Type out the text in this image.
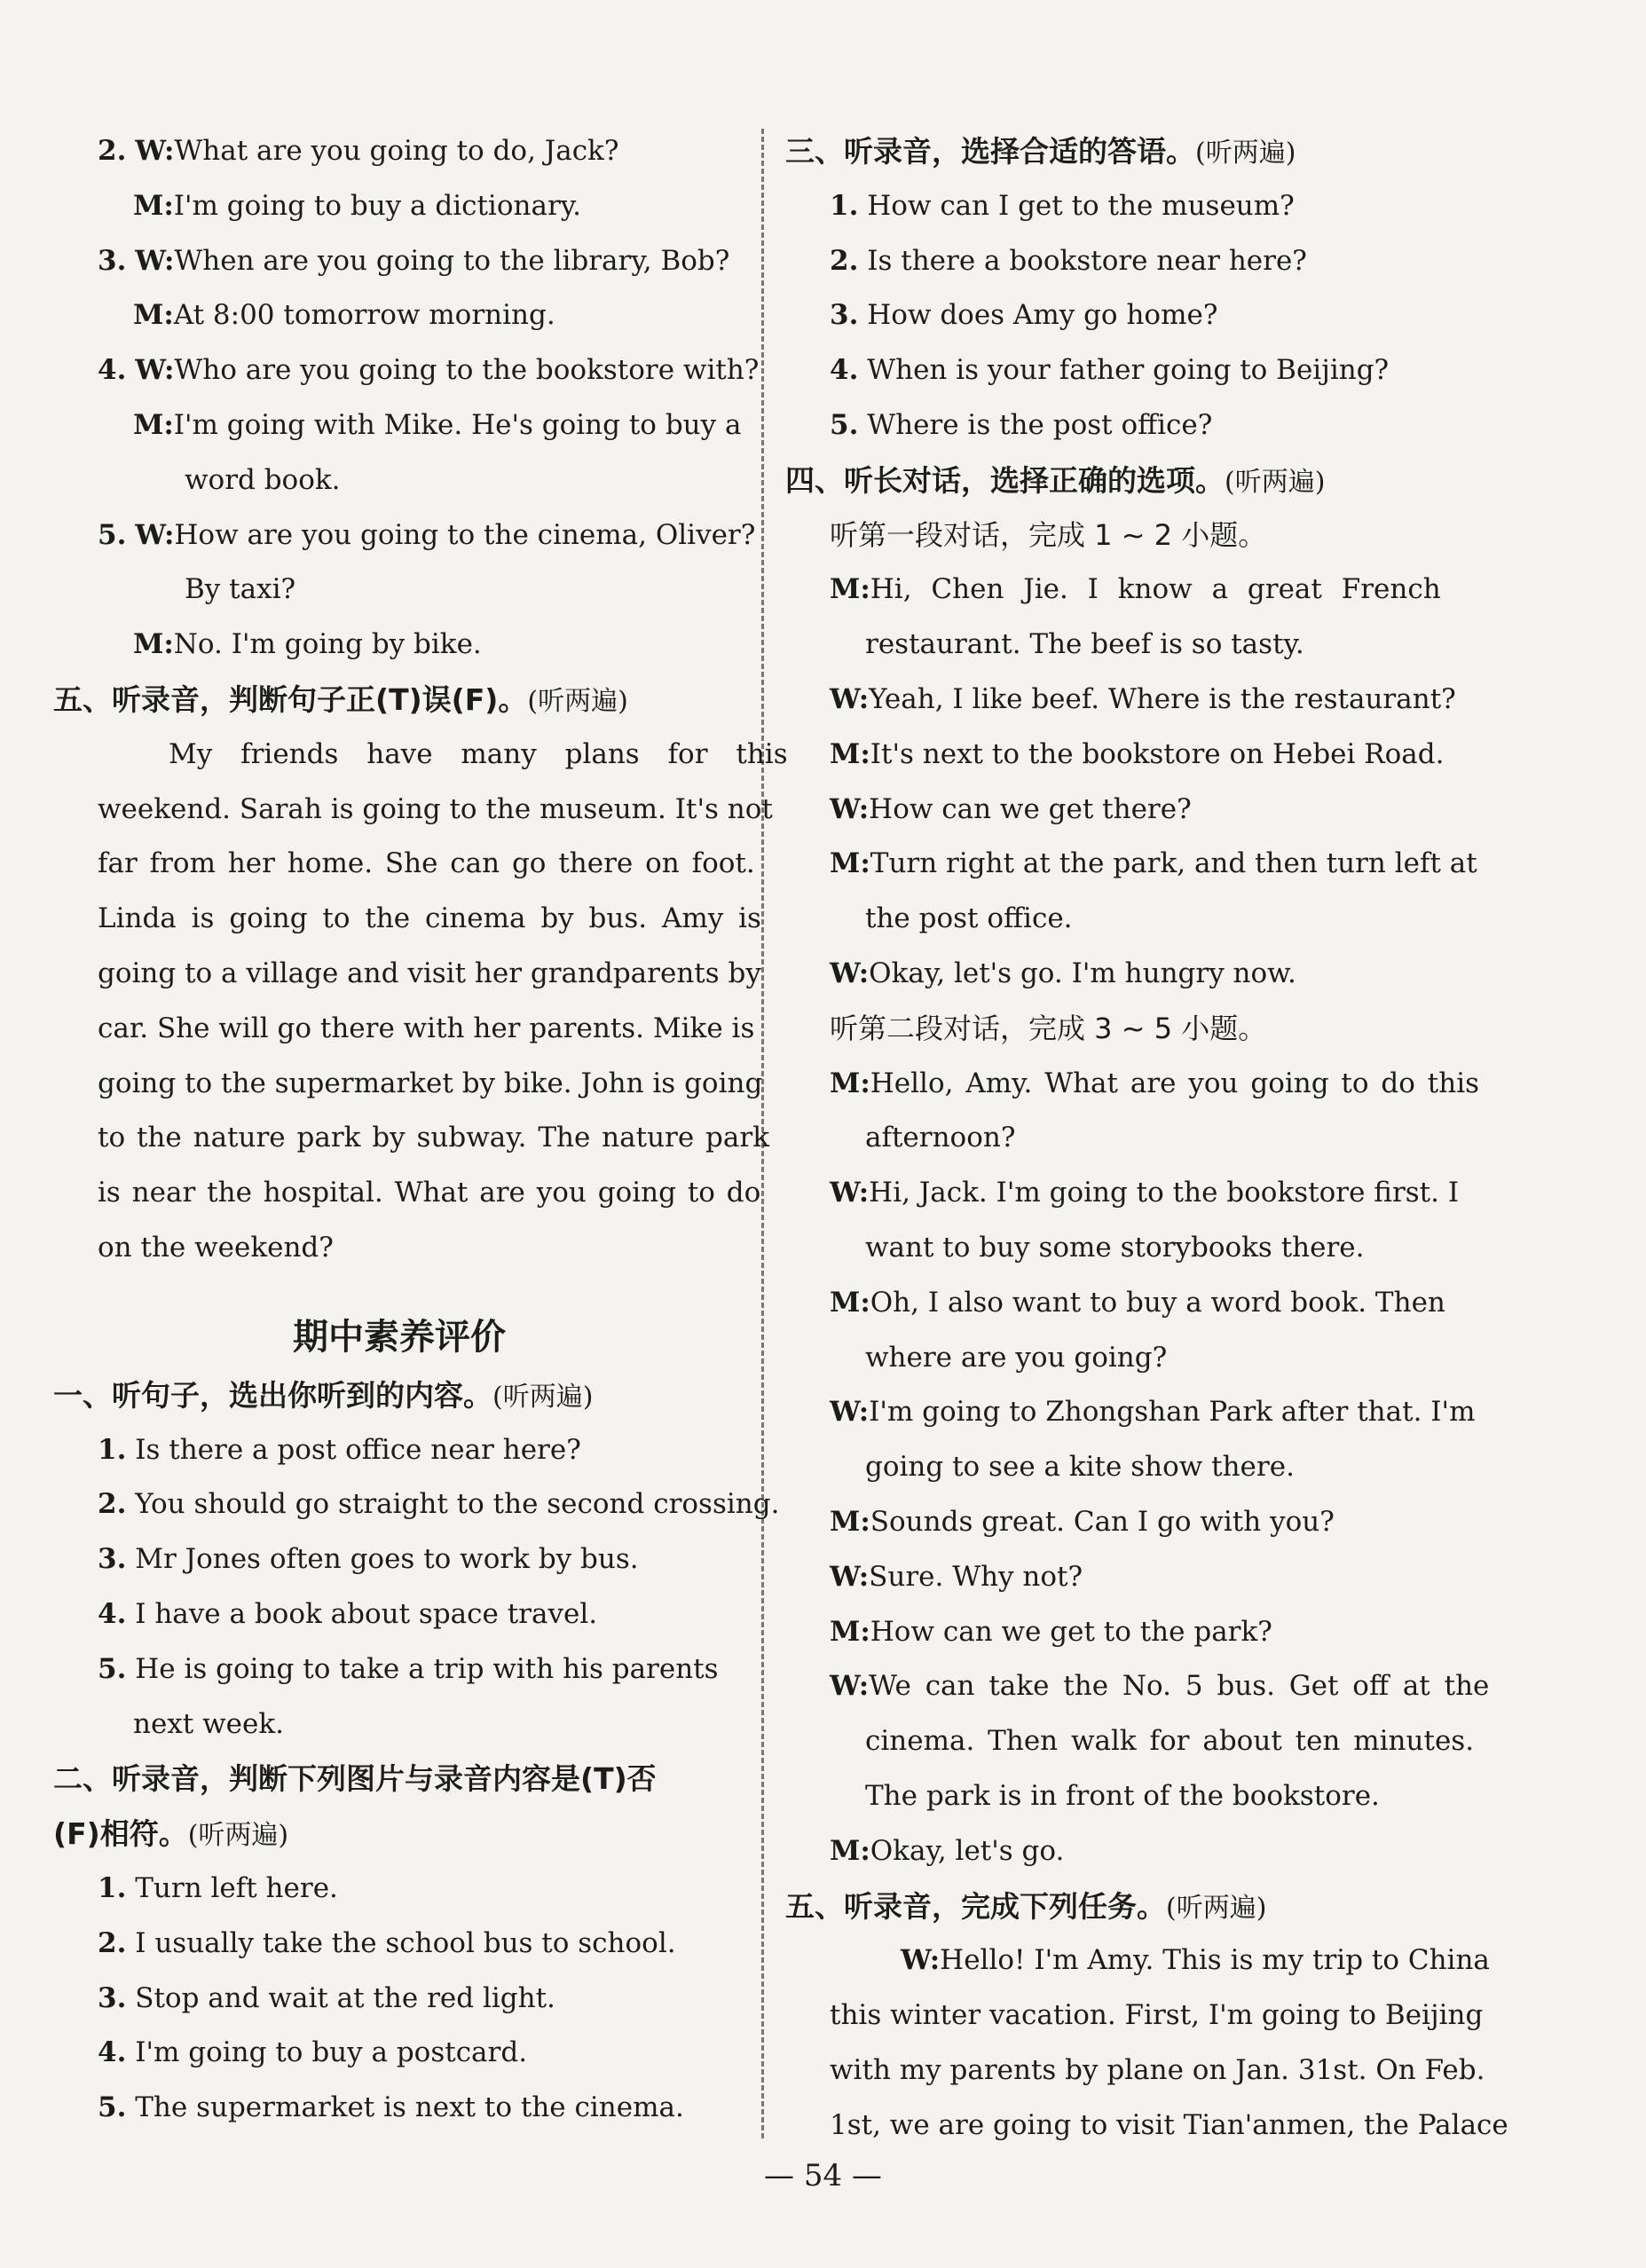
2. W:What are you going to do, Jack?
M:I'm going to buy a dictionary.
3. W:When are you going to the library, Bob?
M:At 8:00 tomorrow morning.
4. W:Who are you going to the bookstore with?
M:I'm going with Mike. He's going to buy a
word book.
5. W:How are you going to the cinema, Oliver?
By taxi?
M:No. I'm going by bike.
五、听录音，判断句子正(T)误(F)。(听两遍)
My friends have many plans for this
weekend. Sarah is going to the museum. It's not
far from her home. She can go there on foot.
Linda is going to the cinema by bus. Amy is
going to a village and visit her grandparents by
car. She will go there with her parents. Mike is
going to the supermarket by bike. John is going
to the nature park by subway. The nature park
is near the hospital. What are you going to do
on the weekend?
期中素养评价
一、听句子，选出你听到的内容。(听两遍)
1. Is there a post office near here?
2. You should go straight to the second crossing.
3. Mr Jones often goes to work by bus.
4. I have a book about space travel.
5. He is going to take a trip with his parents
next week.
二、听录音，判断下列图片与录音内容是(T)否
(F)相符。(听两遍)
1. Turn left here.
2. I usually take the school bus to school.
3. Stop and wait at the red light.
4. I'm going to buy a postcard.
5. The supermarket is next to the cinema.
三、听录音，选择合适的答语。(听两遍)
1. How can I get to the museum?
2. Is there a bookstore near here?
3. How does Amy go home?
4. When is your father going to Beijing?
5. Where is the post office?
四、听长对话，选择正确的选项。(听两遍)
听第一段对话，完成 1 ~ 2 小题。
M:Hi, Chen Jie. I know a great French
restaurant. The beef is so tasty.
W:Yeah, I like beef. Where is the restaurant?
M:It's next to the bookstore on Hebei Road.
W:How can we get there?
M:Turn right at the park, and then turn left at
the post office.
W:Okay, let's go. I'm hungry now.
听第二段对话，完成 3 ~ 5 小题。
M:Hello, Amy. What are you going to do this
afternoon?
W:Hi, Jack. I'm going to the bookstore first. I
want to buy some storybooks there.
M:Oh, I also want to buy a word book. Then
where are you going?
W:I'm going to Zhongshan Park after that. I'm
going to see a kite show there.
M:Sounds great. Can I go with you?
W:Sure. Why not?
M:How can we get to the park?
W:We can take the No. 5 bus. Get off at the
cinema. Then walk for about ten minutes.
The park is in front of the bookstore.
M:Okay, let's go.
五、听录音，完成下列任务。(听两遍)
W:Hello! I'm Amy. This is my trip to China
this winter vacation. First, I'm going to Beijing
with my parents by plane on Jan. 31st. On Feb.
1st, we are going to visit Tian'anmen, the Palace
— 54 —
